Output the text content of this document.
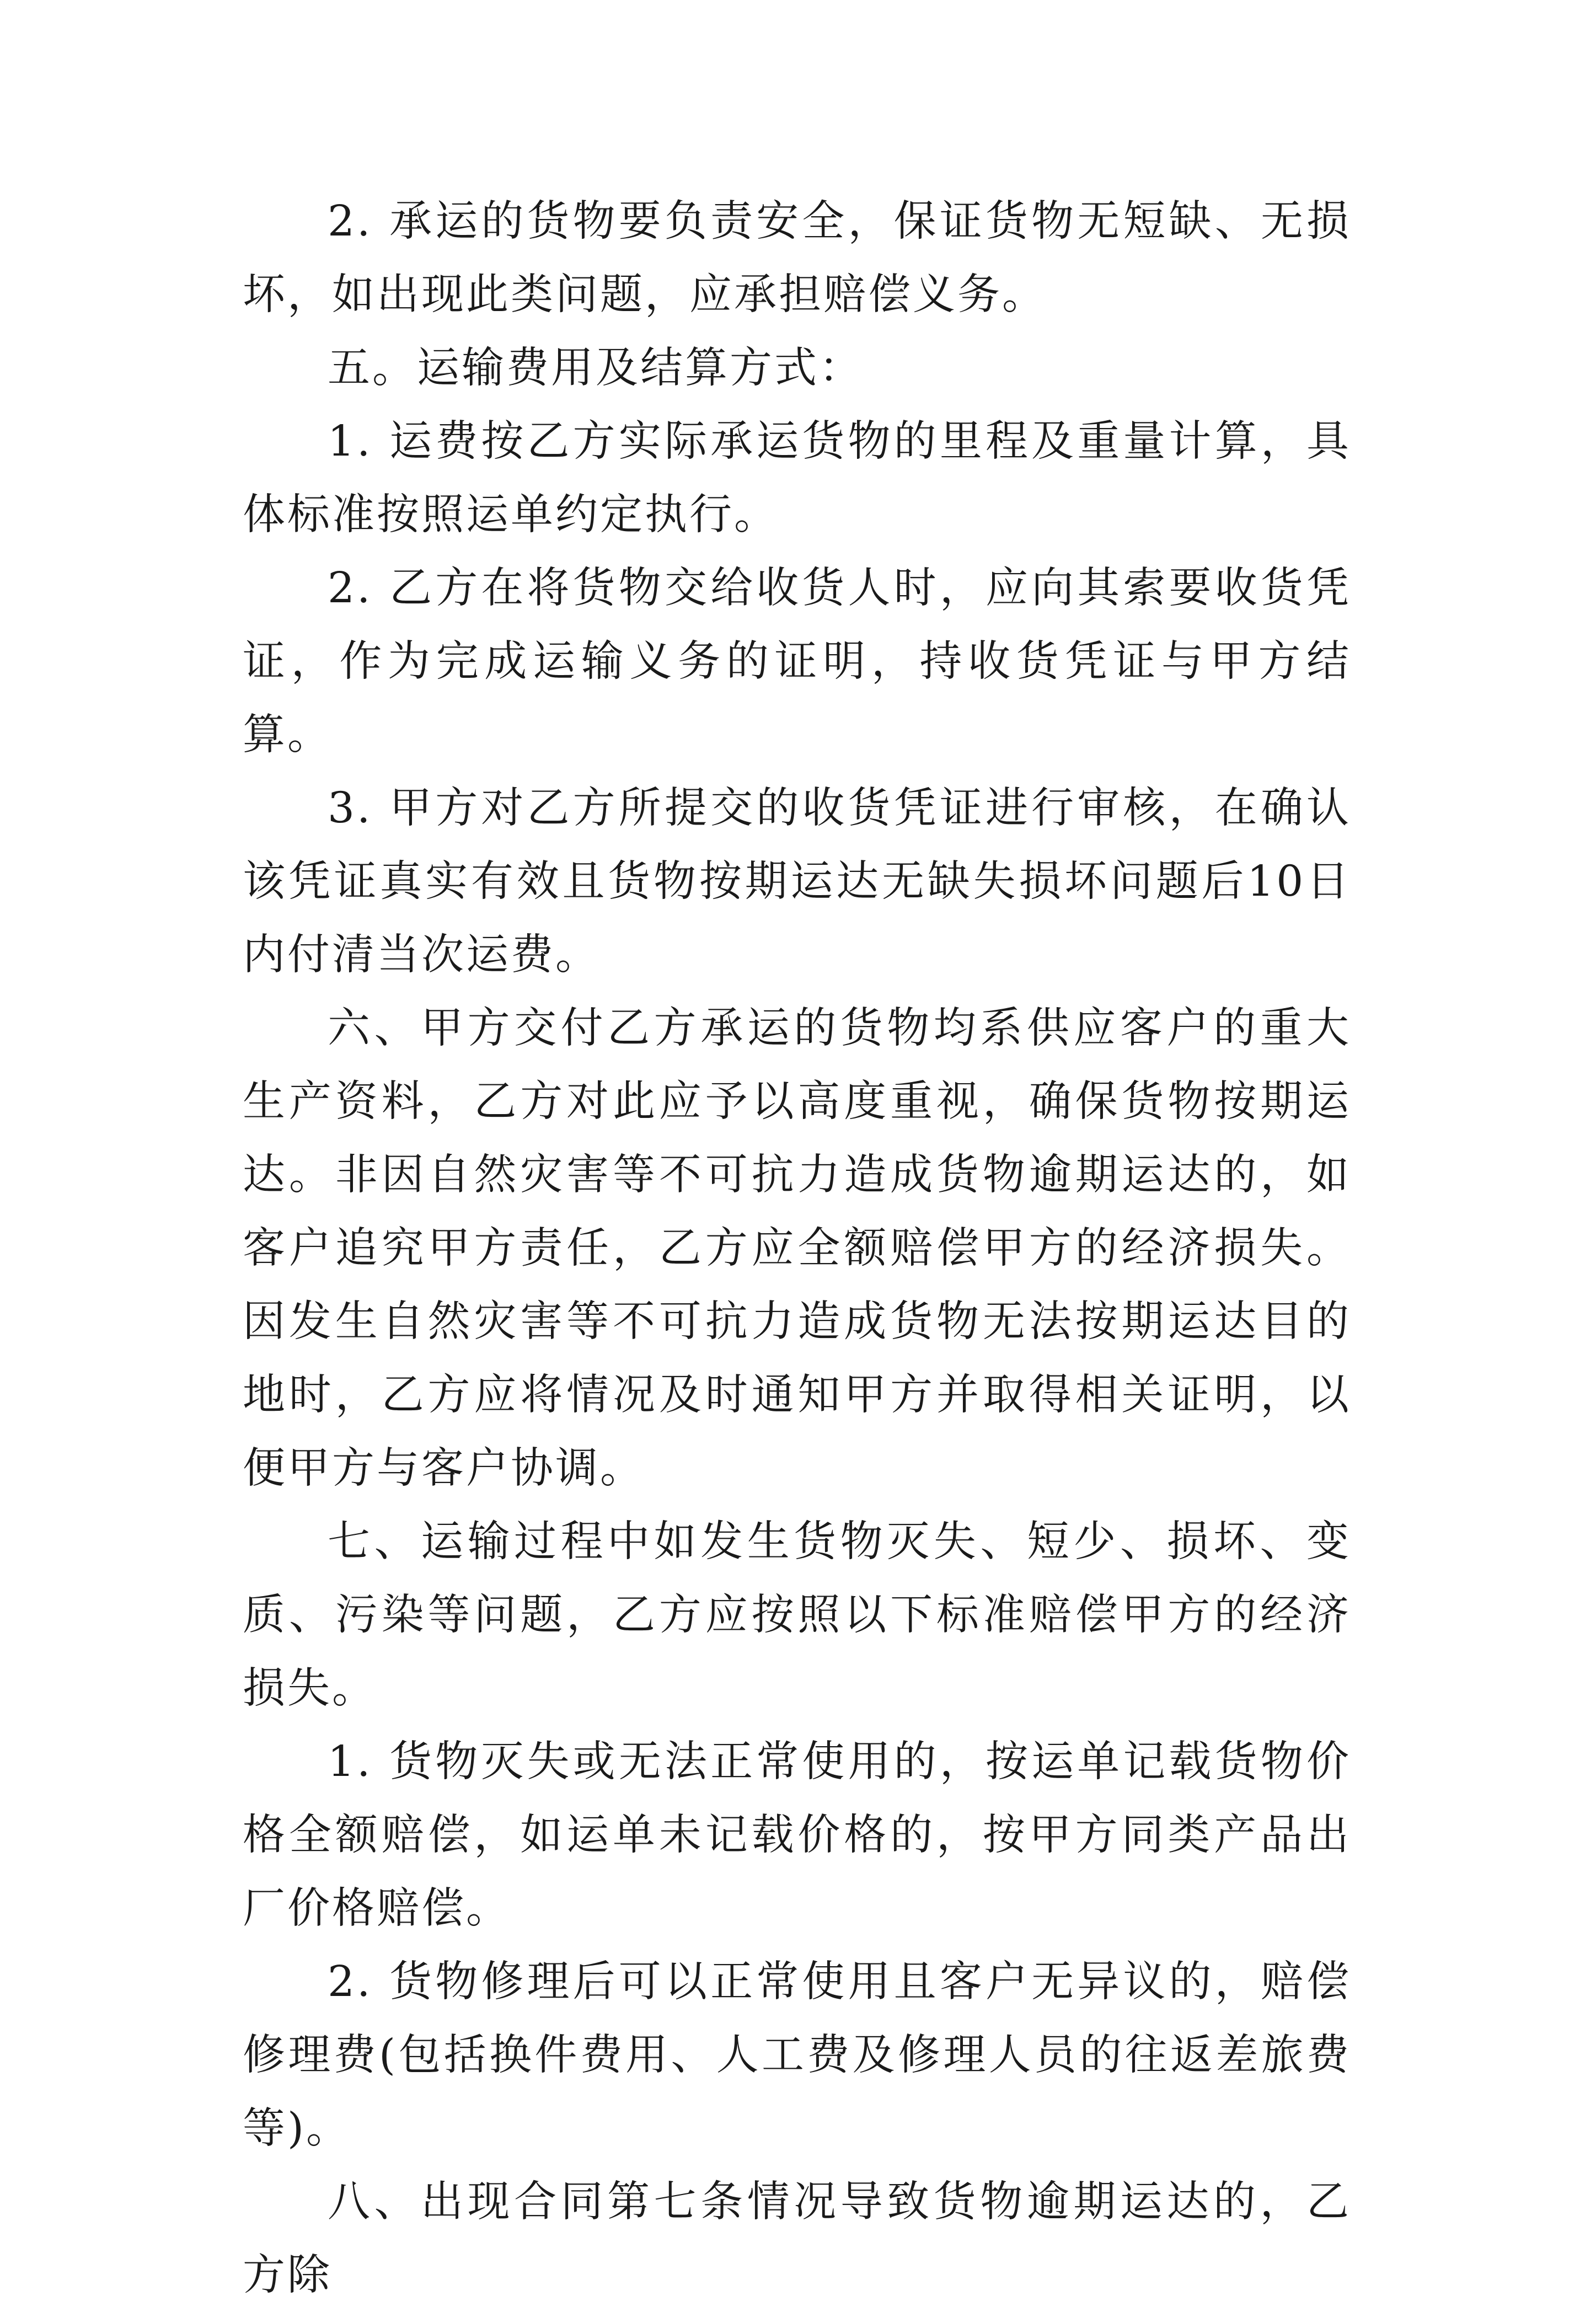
2. 承运的货物要负责安全，保证货物无短缺、无损坏，如出现此类问题，应承担赔偿义务。

五。运输费用及结算方式：

1. 运费按乙方实际承运货物的里程及重量计算，具体标准按照运单约定执行。

2. 乙方在将货物交给收货人时，应向其索要收货凭证，作为完成运输义务的证明，持收货凭证与甲方结算。

3. 甲方对乙方所提交的收货凭证进行审核，在确认该凭证真实有效且货物按期运达无缺失损坏问题后10日内付清当次运费。

六、甲方交付乙方承运的货物均系供应客户的重大生产资料，乙方对此应予以高度重视，确保货物按期运达。非因自然灾害等不可抗力造成货物逾期运达的，如客户追究甲方责任，乙方应全额赔偿甲方的经济损失。因发生自然灾害等不可抗力造成货物无法按期运达目的地时，乙方应将情况及时通知甲方并取得相关证明，以便甲方与客户协调。

七、运输过程中如发生货物灭失、短少、损坏、变质、污染等问题，乙方应按照以下标准赔偿甲方的经济损失。

1. 货物灭失或无法正常使用的，按运单记载货物价格全额赔偿，如运单未记载价格的，按甲方同类产品出厂价格赔偿。

2. 货物修理后可以正常使用且客户无异议的，赔偿修理费(包括换件费用、人工费及修理人员的往返差旅费等)。

八、出现合同第七条情况导致货物逾期运达的，乙方除
